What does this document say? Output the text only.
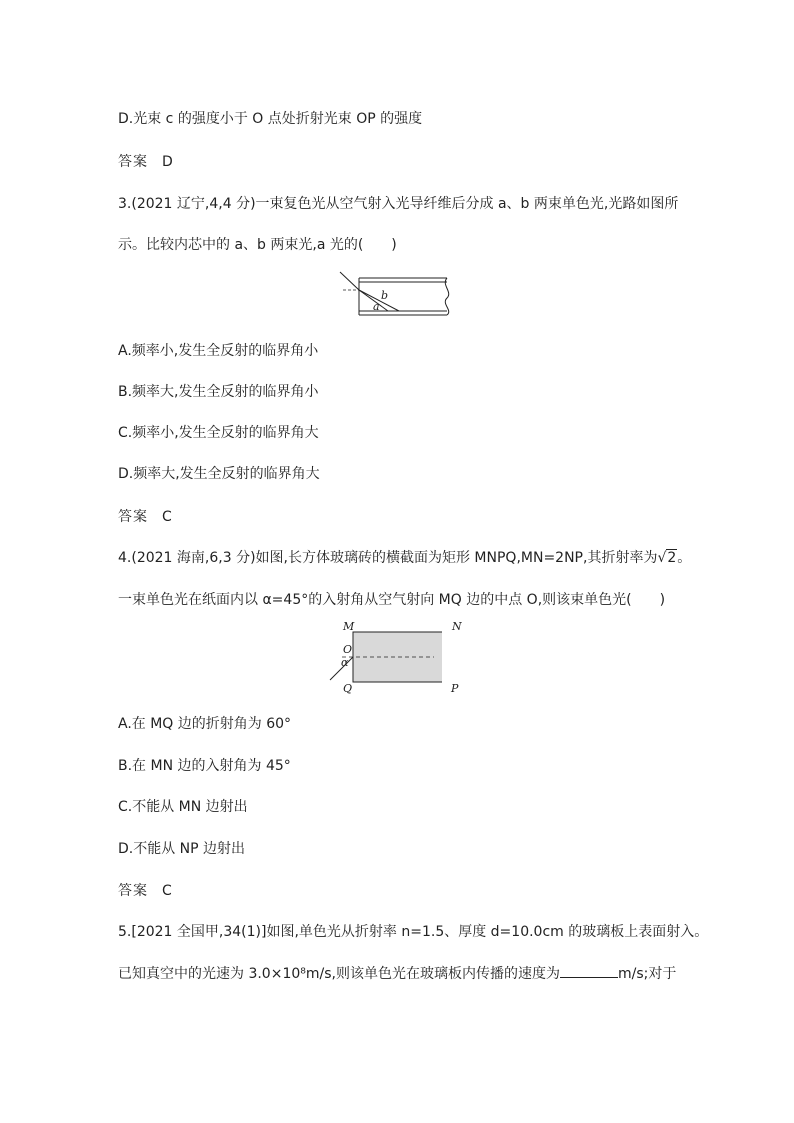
D.光束 c 的强度小于 O 点处折射光束 OP 的强度
答案 D
3.(2021 辽宁,4,4 分)一束复色光从空气射入光导纤维后分成 a、b 两束单色光,光路如图所
示。比较内芯中的 a、b 两束光,a 光的(　　)
b
a
A.频率小,发生全反射的临界角小
B.频率大,发生全反射的临界角小
C.频率小,发生全反射的临界角大
D.频率大,发生全反射的临界角大
答案 C
4.(2021 海南,6,3 分)如图,长方体玻璃砖的横截面为矩形 MNPQ,MN=2NP,其折射率为√2。
一束单色光在纸面内以 α=45°的入射角从空气射向 MQ 边的中点 O,则该束单色光(　　)
M
O
α
Q
N
P
A.在 MQ 边的折射角为 60°
B.在 MN 边的入射角为 45°
C.不能从 MN 边射出
D.不能从 NP 边射出
答案 C
5.[2021 全国甲,34(1)]如图,单色光从折射率 n=1.5、厚度 d=10.0cm 的玻璃板上表面射入。
已知真空中的光速为 3.0×10⁸m/s,则该单色光在玻璃板内传播的速度为	m/s;对于
